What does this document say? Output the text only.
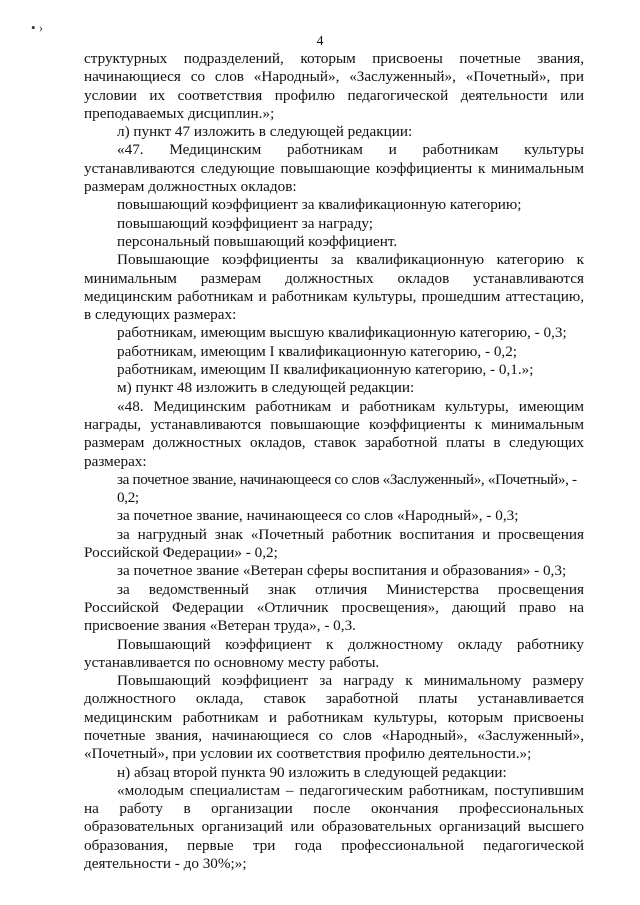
• ›
4

структурных подразделений, которым присвоены почетные звания, начинающиеся со слов «Народный», «Заслуженный», «Почетный», при условии их соответствия профилю педагогической деятельности или преподаваемых дисциплин.»;

л) пункт 47 изложить в следующей редакции:

«47. Медицинским работникам и работникам культуры устанавливаются следующие повышающие коэффициенты к минимальным размерам должностных окладов:

повышающий коэффициент за квалификационную категорию;

повышающий коэффициент за награду;

персональный повышающий коэффициент.

Повышающие коэффициенты за квалификационную категорию к минимальным размерам должностных окладов устанавливаются медицинским работникам и работникам культуры, прошедшим аттестацию, в следующих размерах:

работникам, имеющим высшую квалификационную категорию, - 0,3;

работникам, имеющим I квалификационную категорию, - 0,2;

работникам, имеющим II квалификационную категорию, - 0,1.»;

м) пункт 48 изложить в следующей редакции:

«48. Медицинским работникам и работникам культуры, имеющим награды, устанавливаются повышающие коэффициенты к минимальным размерам должностных окладов, ставок заработной платы в следующих размерах:

за почетное звание, начинающееся со слов «Заслуженный», «Почетный», - 0,2;

за почетное звание, начинающееся со слов «Народный», - 0,3;

за нагрудный знак «Почетный работник воспитания и просвещения Российской Федерации» - 0,2;

за почетное звание «Ветеран сферы воспитания и образования» - 0,3;

за ведомственный знак отличия Министерства просвещения Российской Федерации «Отличник просвещения», дающий право на присвоение звания «Ветеран труда», - 0,3.

Повышающий коэффициент к должностному окладу работнику устанавливается по основному месту работы.

Повышающий коэффициент за награду к минимальному размеру должностного оклада, ставок заработной платы устанавливается медицинским работникам и работникам культуры, которым присвоены почетные звания, начинающиеся со слов «Народный», «Заслуженный», «Почетный», при условии их соответствия профилю деятельности.»;

н) абзац второй пункта 90 изложить в следующей редакции:

«молодым специалистам – педагогическим работникам, поступившим на работу в организации после окончания профессиональных образовательных организаций или образовательных организаций высшего образования, первые три года профессиональной педагогической деятельности - до 30%;»;
